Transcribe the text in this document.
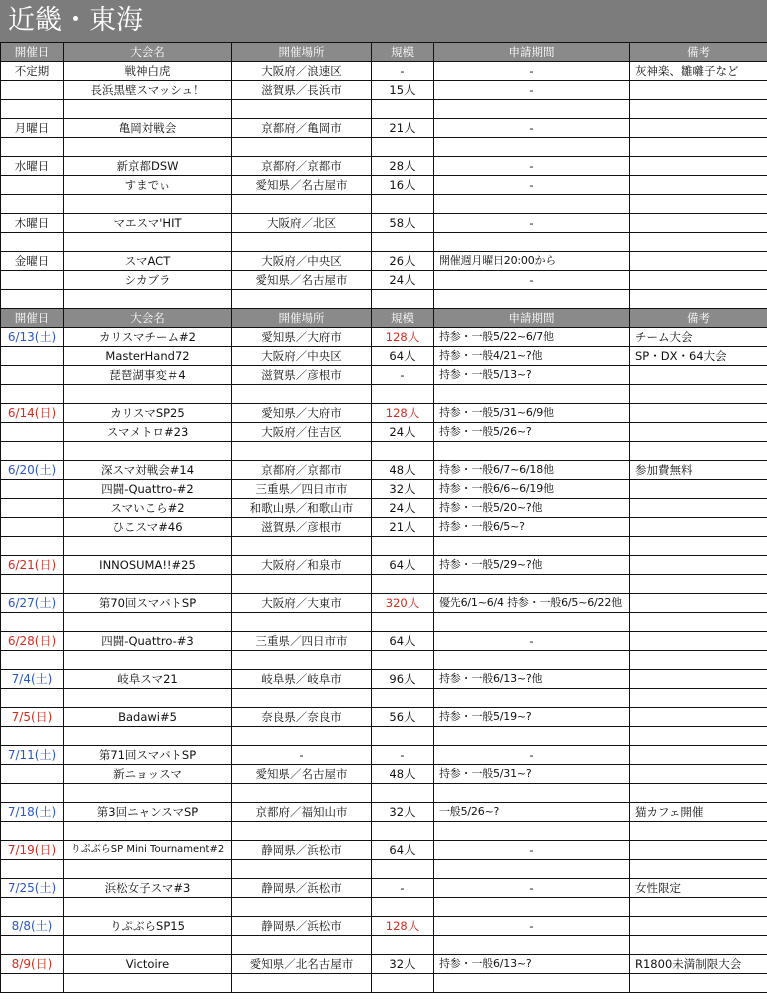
近畿・東海
開催日	大会名	開催場所	規模	申請期間	備考
不定期	戦神白虎	大阪府／浪速区	-	-	灰神楽、雛囃子など
	長浜黒壁スマッシュ！	滋賀県／長浜市	15人	-	

月曜日	亀岡対戦会	京都府／亀岡市	21人	-	

水曜日	新京都DSW	京都府／京都市	28人	-	
	すまでぃ	愛知県／名古屋市	16人	-	

木曜日	マエスマ'HIT	大阪府／北区	58人	-	

金曜日	スマACT	大阪府／中央区	26人	開催週月曜日20:00から	
	シカブラ	愛知県／名古屋市	24人	-	

開催日	大会名	開催場所	規模	申請期間	備考
6/13(土)	カリスマチーム#2	愛知県／大府市	128人	持参・一般5/22~6/7他	チーム大会
	MasterHand72	大阪府／中央区	64人	持参・一般4/21~?他	SP・DX・64大会
	琵琶湖事変＃4	滋賀県／彦根市	-	持参・一般5/13~?	

6/14(日)	カリスマSP25	愛知県／大府市	128人	持参・一般5/31~6/9他	
	スマメトロ#23	大阪府／住吉区	24人	持参・一般5/26~?	

6/20(土)	深スマ対戦会#14	京都府／京都市	48人	持参・一般6/7~6/18他	参加費無料
	四闘-Quattro-#2	三重県／四日市市	32人	持参・一般6/6~6/19他	
	スマいこら#2	和歌山県／和歌山市	24人	持参・一般5/20~?他	
	ひこスマ#46	滋賀県／彦根市	21人	持参・一般6/5~?	

6/21(日)	INNOSUMA!!#25	大阪府／和泉市	64人	持参・一般5/29~?他	

6/27(土)	第70回スマバトSP	大阪府／大東市	320人	優先6/1~6/4 持参・一般6/5~6/22他	

6/28(日)	四闘-Quattro-#3	三重県／四日市市	64人	-	

7/4(土)	岐阜スマ21	岐阜県／岐阜市	96人	持参・一般6/13~?他	

7/5(日)	Badawi#5	奈良県／奈良市	56人	持参・一般5/19~?	

7/11(土)	第71回スマバトSP	-	-	-	
	新ニョッスマ	愛知県／名古屋市	48人	持参・一般5/31~?	

7/18(土)	第3回ニャンスマSP	京都府／福知山市	32人	一般5/26~?	猫カフェ開催

7/19(日)	りぷぶらSP Mini Tournament#2	静岡県／浜松市	64人	-	

7/25(土)	浜松女子スマ#3	静岡県／浜松市	-	-	女性限定

8/8(土)	りぷぶらSP15	静岡県／浜松市	128人	-	

8/9(日)	Victoire	愛知県／北名古屋市	32人	持参・一般6/13~?	R1800未満制限大会
